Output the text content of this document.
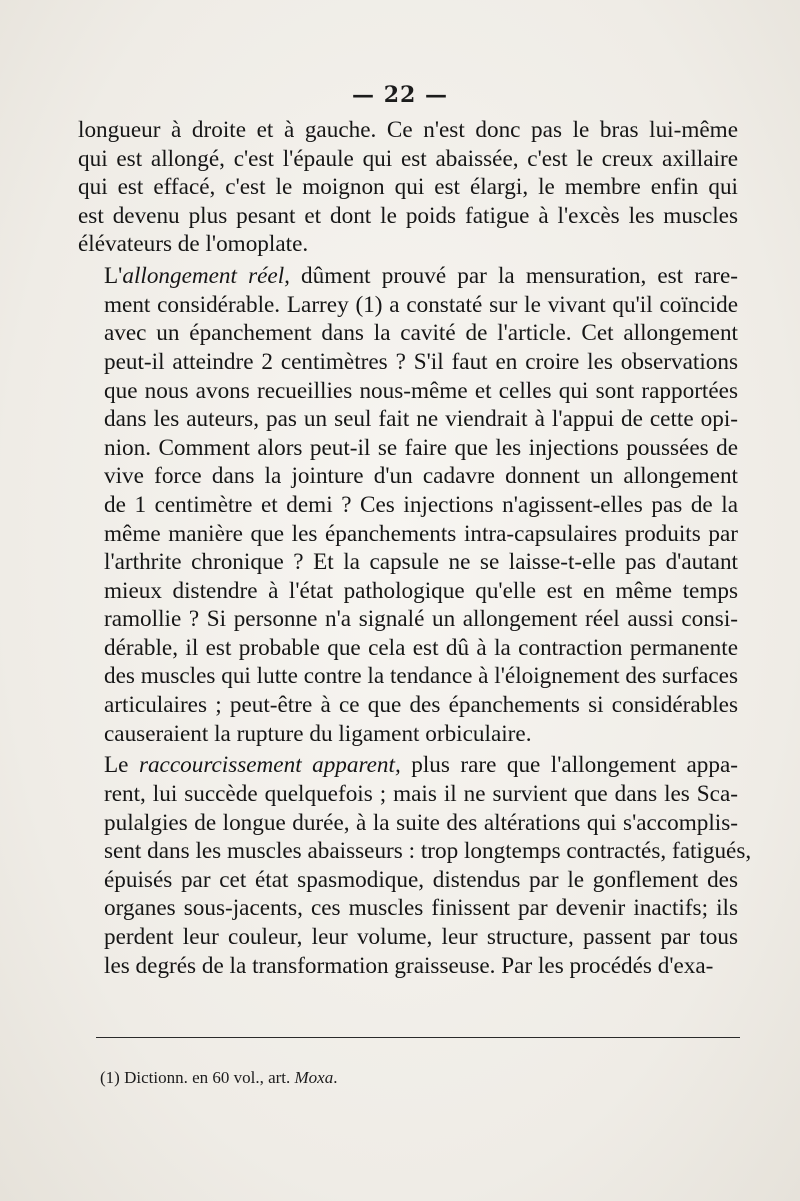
— 22 —
longueur à droite et à gauche. Ce n'est donc pas le bras lui-même
qui est allongé, c'est l'épaule qui est abaissée, c'est le creux axillaire
qui est effacé, c'est le moignon qui est élargi, le membre enfin qui
est devenu plus pesant et dont le poids fatigue à l'excès les muscles
élévateurs de l'omoplate.
L'allongement réel, dûment prouvé par la mensuration, est rare-
ment considérable. Larrey (1) a constaté sur le vivant qu'il coïncide
avec un épanchement dans la cavité de l'article. Cet allongement
peut-il atteindre 2 centimètres ? S'il faut en croire les observations
que nous avons recueillies nous-même et celles qui sont rapportées
dans les auteurs, pas un seul fait ne viendrait à l'appui de cette opi-
nion. Comment alors peut-il se faire que les injections poussées de
vive force dans la jointure d'un cadavre donnent un allongement
de 1 centimètre et demi ? Ces injections n'agissent-elles pas de la
même manière que les épanchements intra-capsulaires produits par
l'arthrite chronique ? Et la capsule ne se laisse-t-elle pas d'autant
mieux distendre à l'état pathologique qu'elle est en même temps
ramollie ? Si personne n'a signalé un allongement réel aussi consi-
dérable, il est probable que cela est dû à la contraction permanente
des muscles qui lutte contre la tendance à l'éloignement des surfaces
articulaires ; peut-être à ce que des épanchements si considérables
causeraient la rupture du ligament orbiculaire.
Le raccourcissement apparent, plus rare que l'allongement appa-
rent, lui succède quelquefois ; mais il ne survient que dans les Sca-
pulalgies de longue durée, à la suite des altérations qui s'accomplis-
sent dans les muscles abaisseurs : trop longtemps contractés, fatigués,
épuisés par cet état spasmodique, distendus par le gonflement des
organes sous-jacents, ces muscles finissent par devenir inactifs; ils
perdent leur couleur, leur volume, leur structure, passent par tous
les degrés de la transformation graisseuse. Par les procédés d'exa-
(1) Dictionn. en 60 vol., art. Moxa.
